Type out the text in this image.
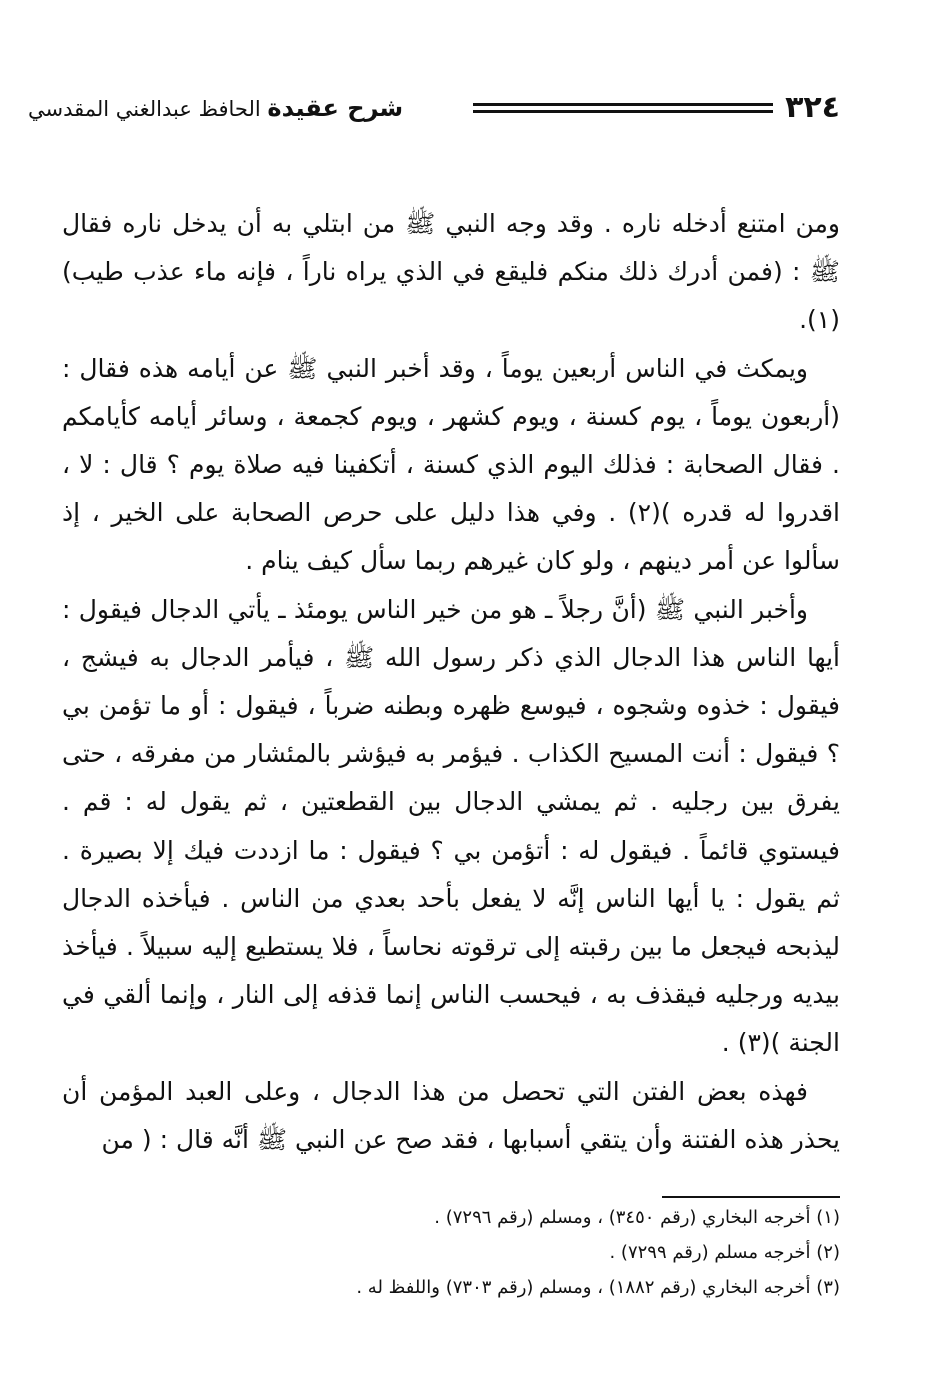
٣٢٤
شرح عقيدة الحافظ عبدالغني المقدسي

ومن امتنع أدخله ناره . وقد وجه النبي ﷺ من ابتلي به أن يدخل ناره فقال ﷺ : (فمن أدرك ذلك منكم فليقع في الذي يراه ناراً ، فإنه ماء عذب طيب)(١).

ويمكث في الناس أربعين يوماً ، وقد أخبر النبي ﷺ عن أيامه هذه فقال : (أربعون يوماً ، يوم كسنة ، ويوم كشهر ، ويوم كجمعة ، وسائر أيامه كأيامكم . فقال الصحابة : فذلك اليوم الذي كسنة ، أتكفينا فيه صلاة يوم ؟ قال : لا ، اقدروا له قدره )(٢) . وفي هذا دليل على حرص الصحابة على الخير ، إذ سألوا عن أمر دينهم ، ولو كان غيرهم ربما سأل كيف ينام .

وأخبر النبي ﷺ (أنَّ رجلاً ـ هو من خير الناس يومئذ ـ يأتي الدجال فيقول : أيها الناس هذا الدجال الذي ذكر رسول الله ﷺ ، فيأمر الدجال به فيشج ، فيقول : خذوه وشجوه ، فيوسع ظهره وبطنه ضرباً ، فيقول : أو ما تؤمن بي ؟ فيقول : أنت المسيح الكذاب . فيؤمر به فيؤشر بالمئشار من مفرقه ، حتى يفرق بين رجليه . ثم يمشي الدجال بين القطعتين ، ثم يقول له : قم . فيستوي قائماً . فيقول له : أتؤمن بي ؟ فيقول : ما ازددت فيك إلا بصيرة . ثم يقول : يا أيها الناس إنَّه لا يفعل بأحد بعدي من الناس . فيأخذه الدجال ليذبحه فيجعل ما بين رقبته إلى ترقوته نحاساً ، فلا يستطيع إليه سبيلاً . فيأخذ بيديه ورجليه فيقذف به ، فيحسب الناس إنما قذفه إلى النار ، وإنما ألقي في الجنة )(٣) .

فهذه بعض الفتن التي تحصل من هذا الدجال ، وعلى العبد المؤمن أن يحذر هذه الفتنة وأن يتقي أسبابها ، فقد صح عن النبي ﷺ أنَّه قال : ( من

(١) أخرجه البخاري (رقم ٣٤٥٠) ، ومسلم (رقم ٧٢٩٦) .

(٢) أخرجه مسلم (رقم ٧٢٩٩) .

(٣) أخرجه البخاري (رقم ١٨٨٢) ، ومسلم (رقم ٧٣٠٣) واللفظ له .
